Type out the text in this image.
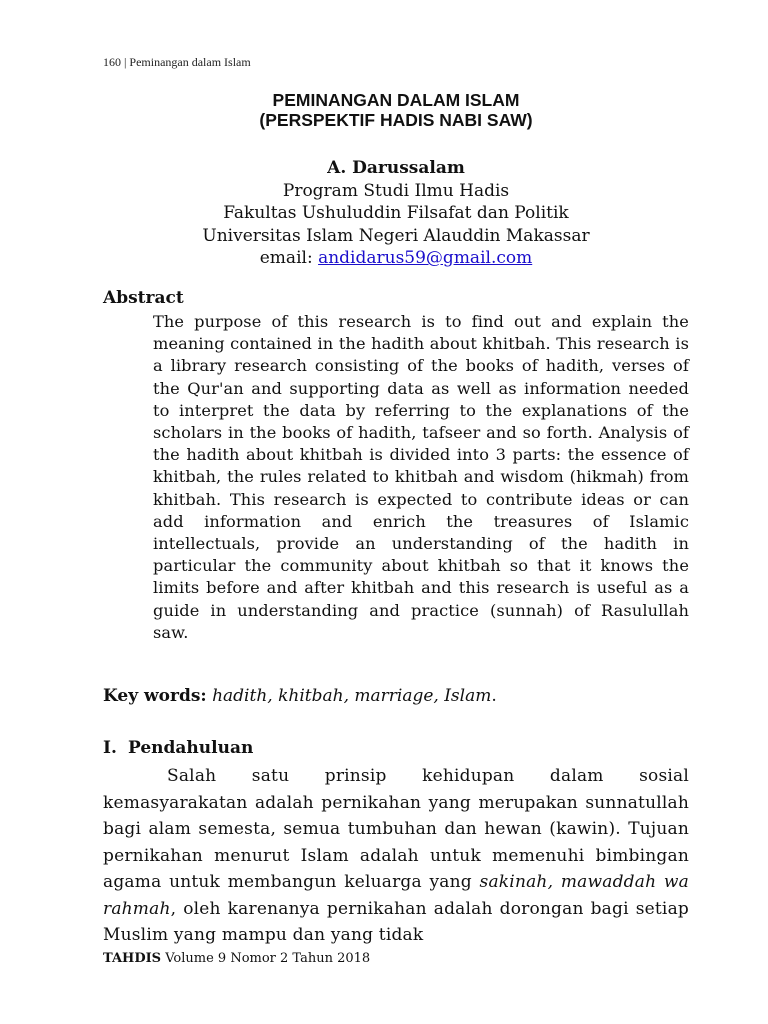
160 | Peminangan dalam Islam
PEMINANGAN DALAM ISLAM
(PERSPEKTIF HADIS NABI SAW)
A. Darussalam
Program Studi Ilmu Hadis
Fakultas Ushuluddin Filsafat dan Politik
Universitas Islam Negeri Alauddin Makassar
email: andidarus59@gmail.com
Abstract
The purpose of this research is to find out and explain the meaning contained in the hadith about khitbah. This research is a library research consisting of the books of hadith, verses of the Qur'an and supporting data as well as information needed to interpret the data by referring to the explanations of the scholars in the books of hadith, tafseer and so forth. Analysis of the hadith about khitbah is divided into 3 parts: the essence of khitbah, the rules related to khitbah and wisdom (hikmah) from khitbah. This research is expected to contribute ideas or can add information and enrich the treasures of Islamic intellectuals, provide an understanding of the hadith in particular the community about khitbah so that it knows the limits before and after khitbah and this research is useful as a guide in understanding and practice (sunnah) of Rasulullah saw.
Key words: hadith, khitbah, marriage, Islam.
I. Pendahuluan
Salah satu prinsip kehidupan dalam sosial kemasyarakatan adalah pernikahan yang merupakan sunnatullah bagi alam semesta, semua tumbuhan dan hewan (kawin). Tujuan pernikahan menurut Islam adalah untuk memenuhi bimbingan agama untuk membangun keluarga yang sakinah, mawaddah wa rahmah, oleh karenanya pernikahan adalah dorongan bagi setiap Muslim yang mampu dan yang tidak
TAHDIS Volume 9 Nomor 2 Tahun 2018
